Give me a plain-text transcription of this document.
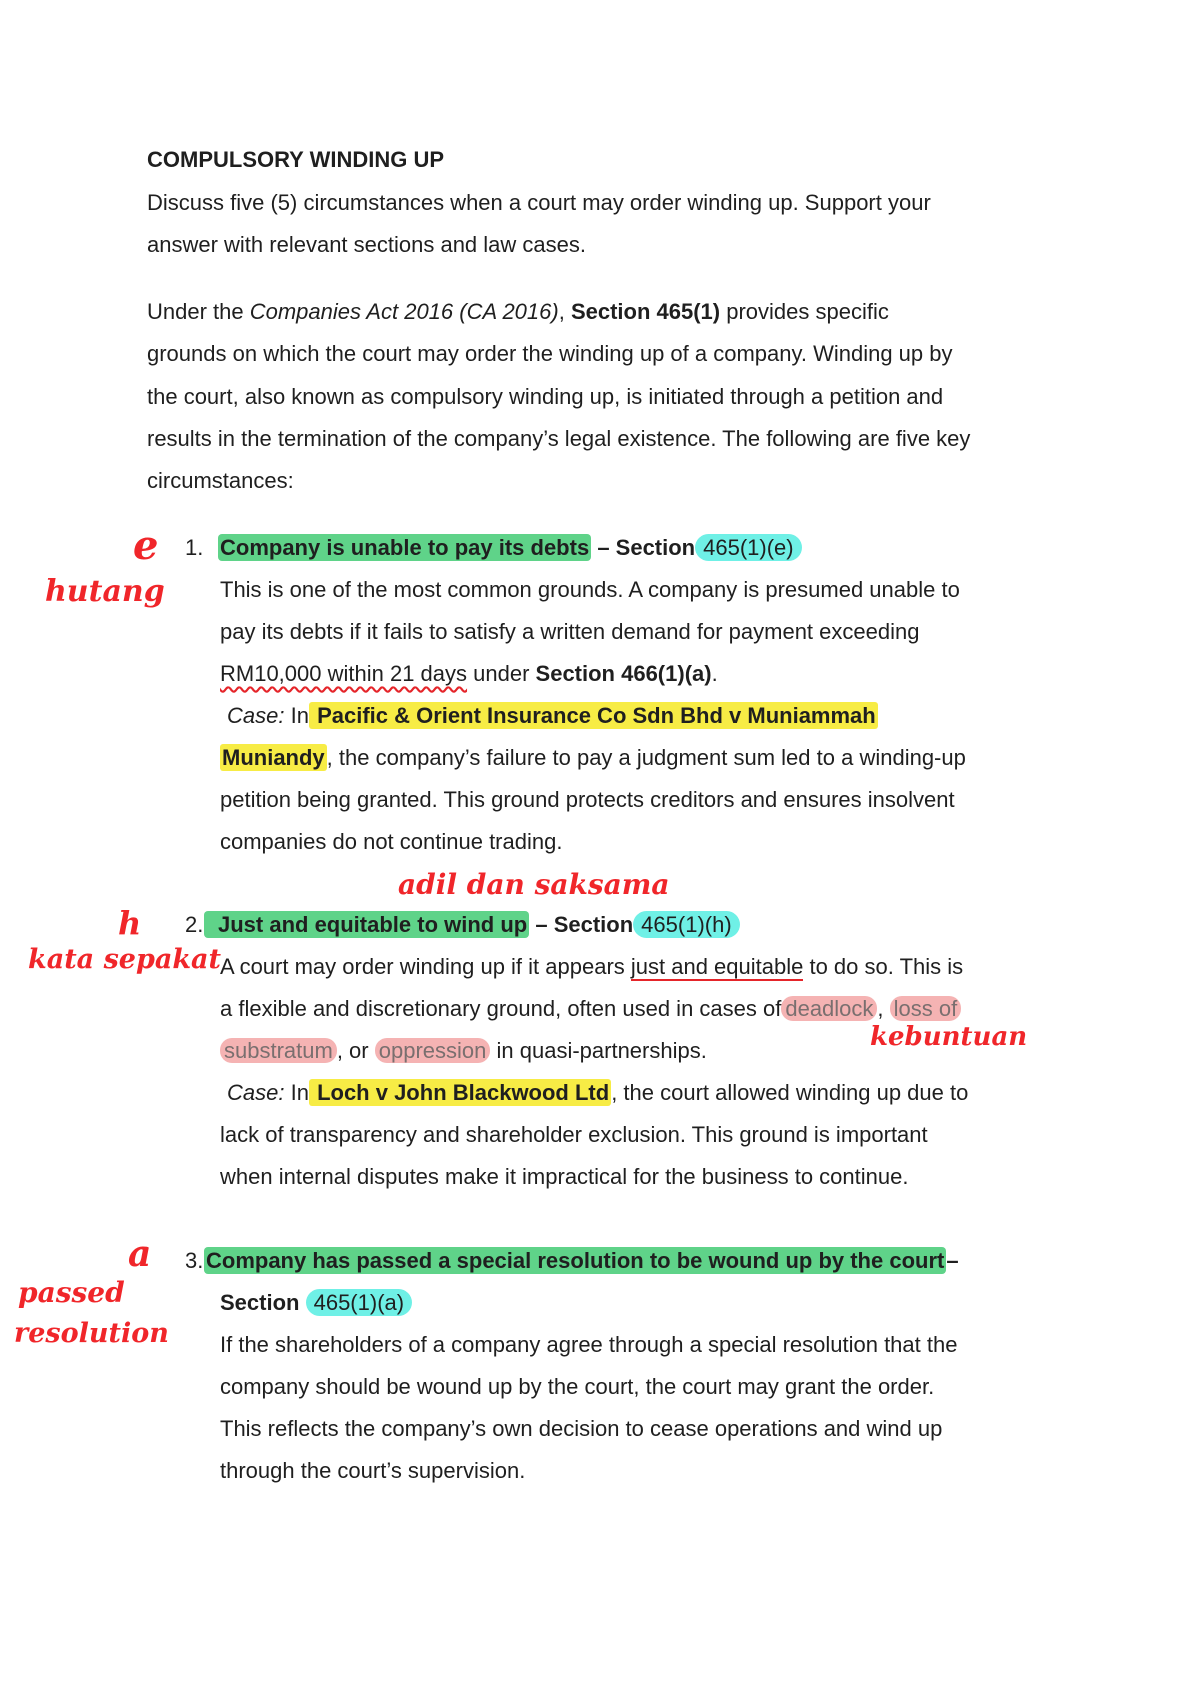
COMPULSORY WINDING UP
Discuss five (5) circumstances when a court may order winding up. Support your
answer with relevant sections and law cases.
Under the Companies Act 2016 (CA 2016), Section 465(1) provides specific
grounds on which the court may order the winding up of a company. Winding up by
the court, also known as compulsory winding up, is initiated through a petition and
results in the termination of the company’s legal existence. The following are five key
circumstances:
1. Company is unable to pay its debts – Section 465(1)(e)
This is one of the most common grounds. A company is presumed unable to
pay its debts if it fails to satisfy a written demand for payment exceeding
RM10,000 within 21 days under Section 466(1)(a).
Case: In Pacific & Orient Insurance Co Sdn Bhd v Muniammah
Muniandy, the company’s failure to pay a judgment sum led to a winding-up
petition being granted. This ground protects creditors and ensures insolvent
companies do not continue trading.
2. Just and equitable to wind up – Section 465(1)(h)
A court may order winding up if it appears just and equitable to do so. This is
a flexible and discretionary ground, often used in cases of deadlock , loss of
substratum , or oppression in quasi-partnerships.
Case: In Loch v John Blackwood Ltd, the court allowed winding up due to
lack of transparency and shareholder exclusion. This ground is important
when internal disputes make it impractical for the business to continue.
3. Company has passed a special resolution to be wound up by the court–
Section 465(1)(a)
If the shareholders of a company agree through a special resolution that the
company should be wound up by the court, the court may grant the order.
This reflects the company’s own decision to cease operations and wind up
through the court’s supervision.
e
hutang
adil dan saksama
h
kata sepakat
kebuntuan
a
passed
resolution
